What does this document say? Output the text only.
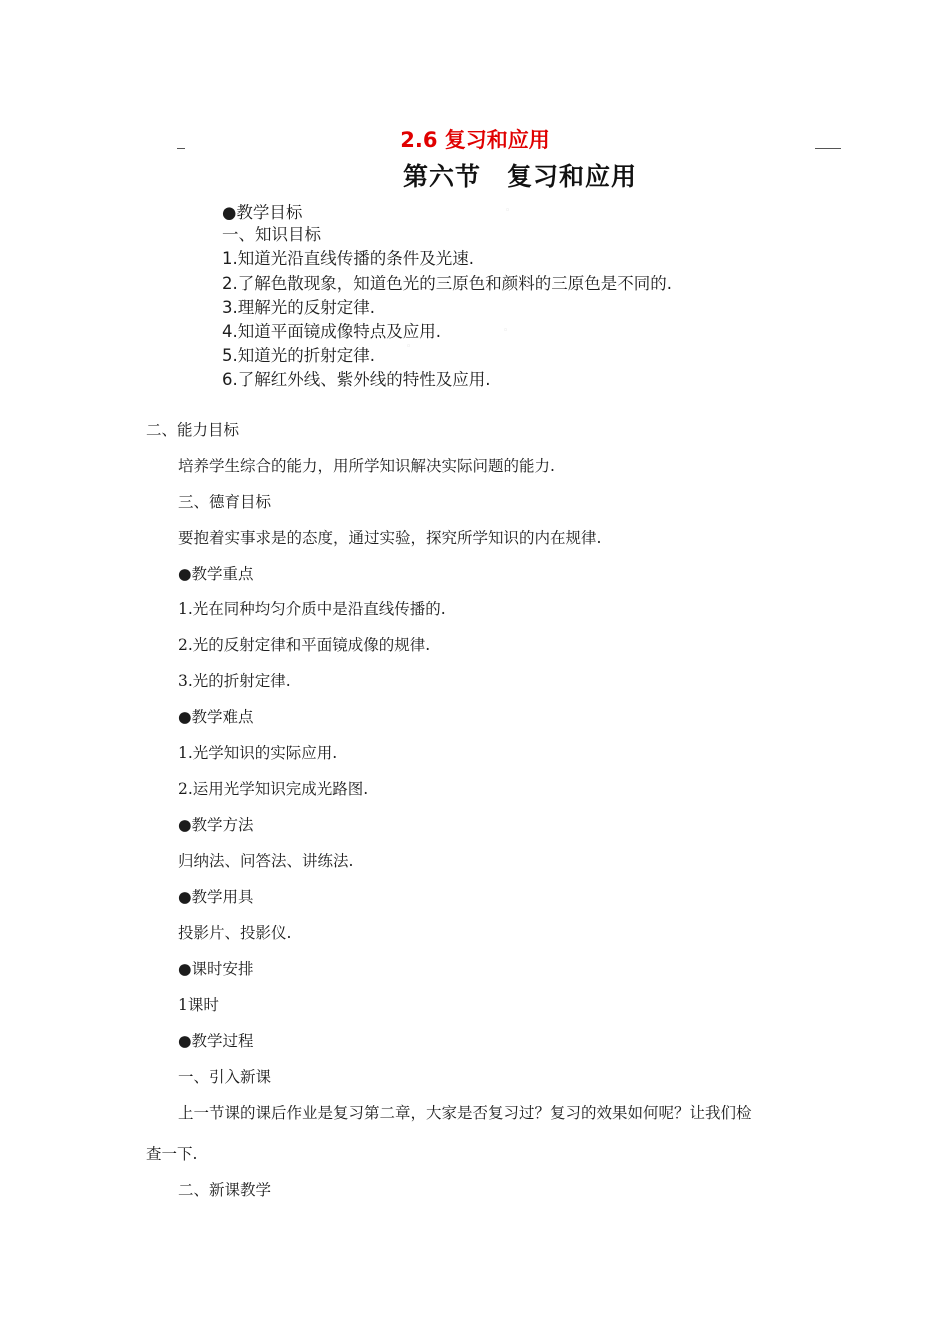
2.6 复习和应用
第六节　复习和应用
◦
◦
◦
●教学目标
一、知识目标
1.知道光沿直线传播的条件及光速.
2.了解色散现象，知道色光的三原色和颜料的三原色是不同的.
3.理解光的反射定律.
4.知道平面镜成像特点及应用.
5.知道光的折射定律.
6.了解红外线、紫外线的特性及应用.
二、能力目标
培养学生综合的能力，用所学知识解决实际问题的能力.
三、德育目标
要抱着实事求是的态度，通过实验，探究所学知识的内在规律.
●教学重点
1.光在同种均匀介质中是沿直线传播的.
2.光的反射定律和平面镜成像的规律.
3.光的折射定律.
●教学难点
1.光学知识的实际应用.
2.运用光学知识完成光路图.
●教学方法
归纳法、问答法、讲练法.
●教学用具
投影片、投影仪.
●课时安排
1课时
●教学过程
一、引入新课
上一节课的课后作业是复习第二章，大家是否复习过？复习的效果如何呢？让我们检
查一下.
二、新课教学
